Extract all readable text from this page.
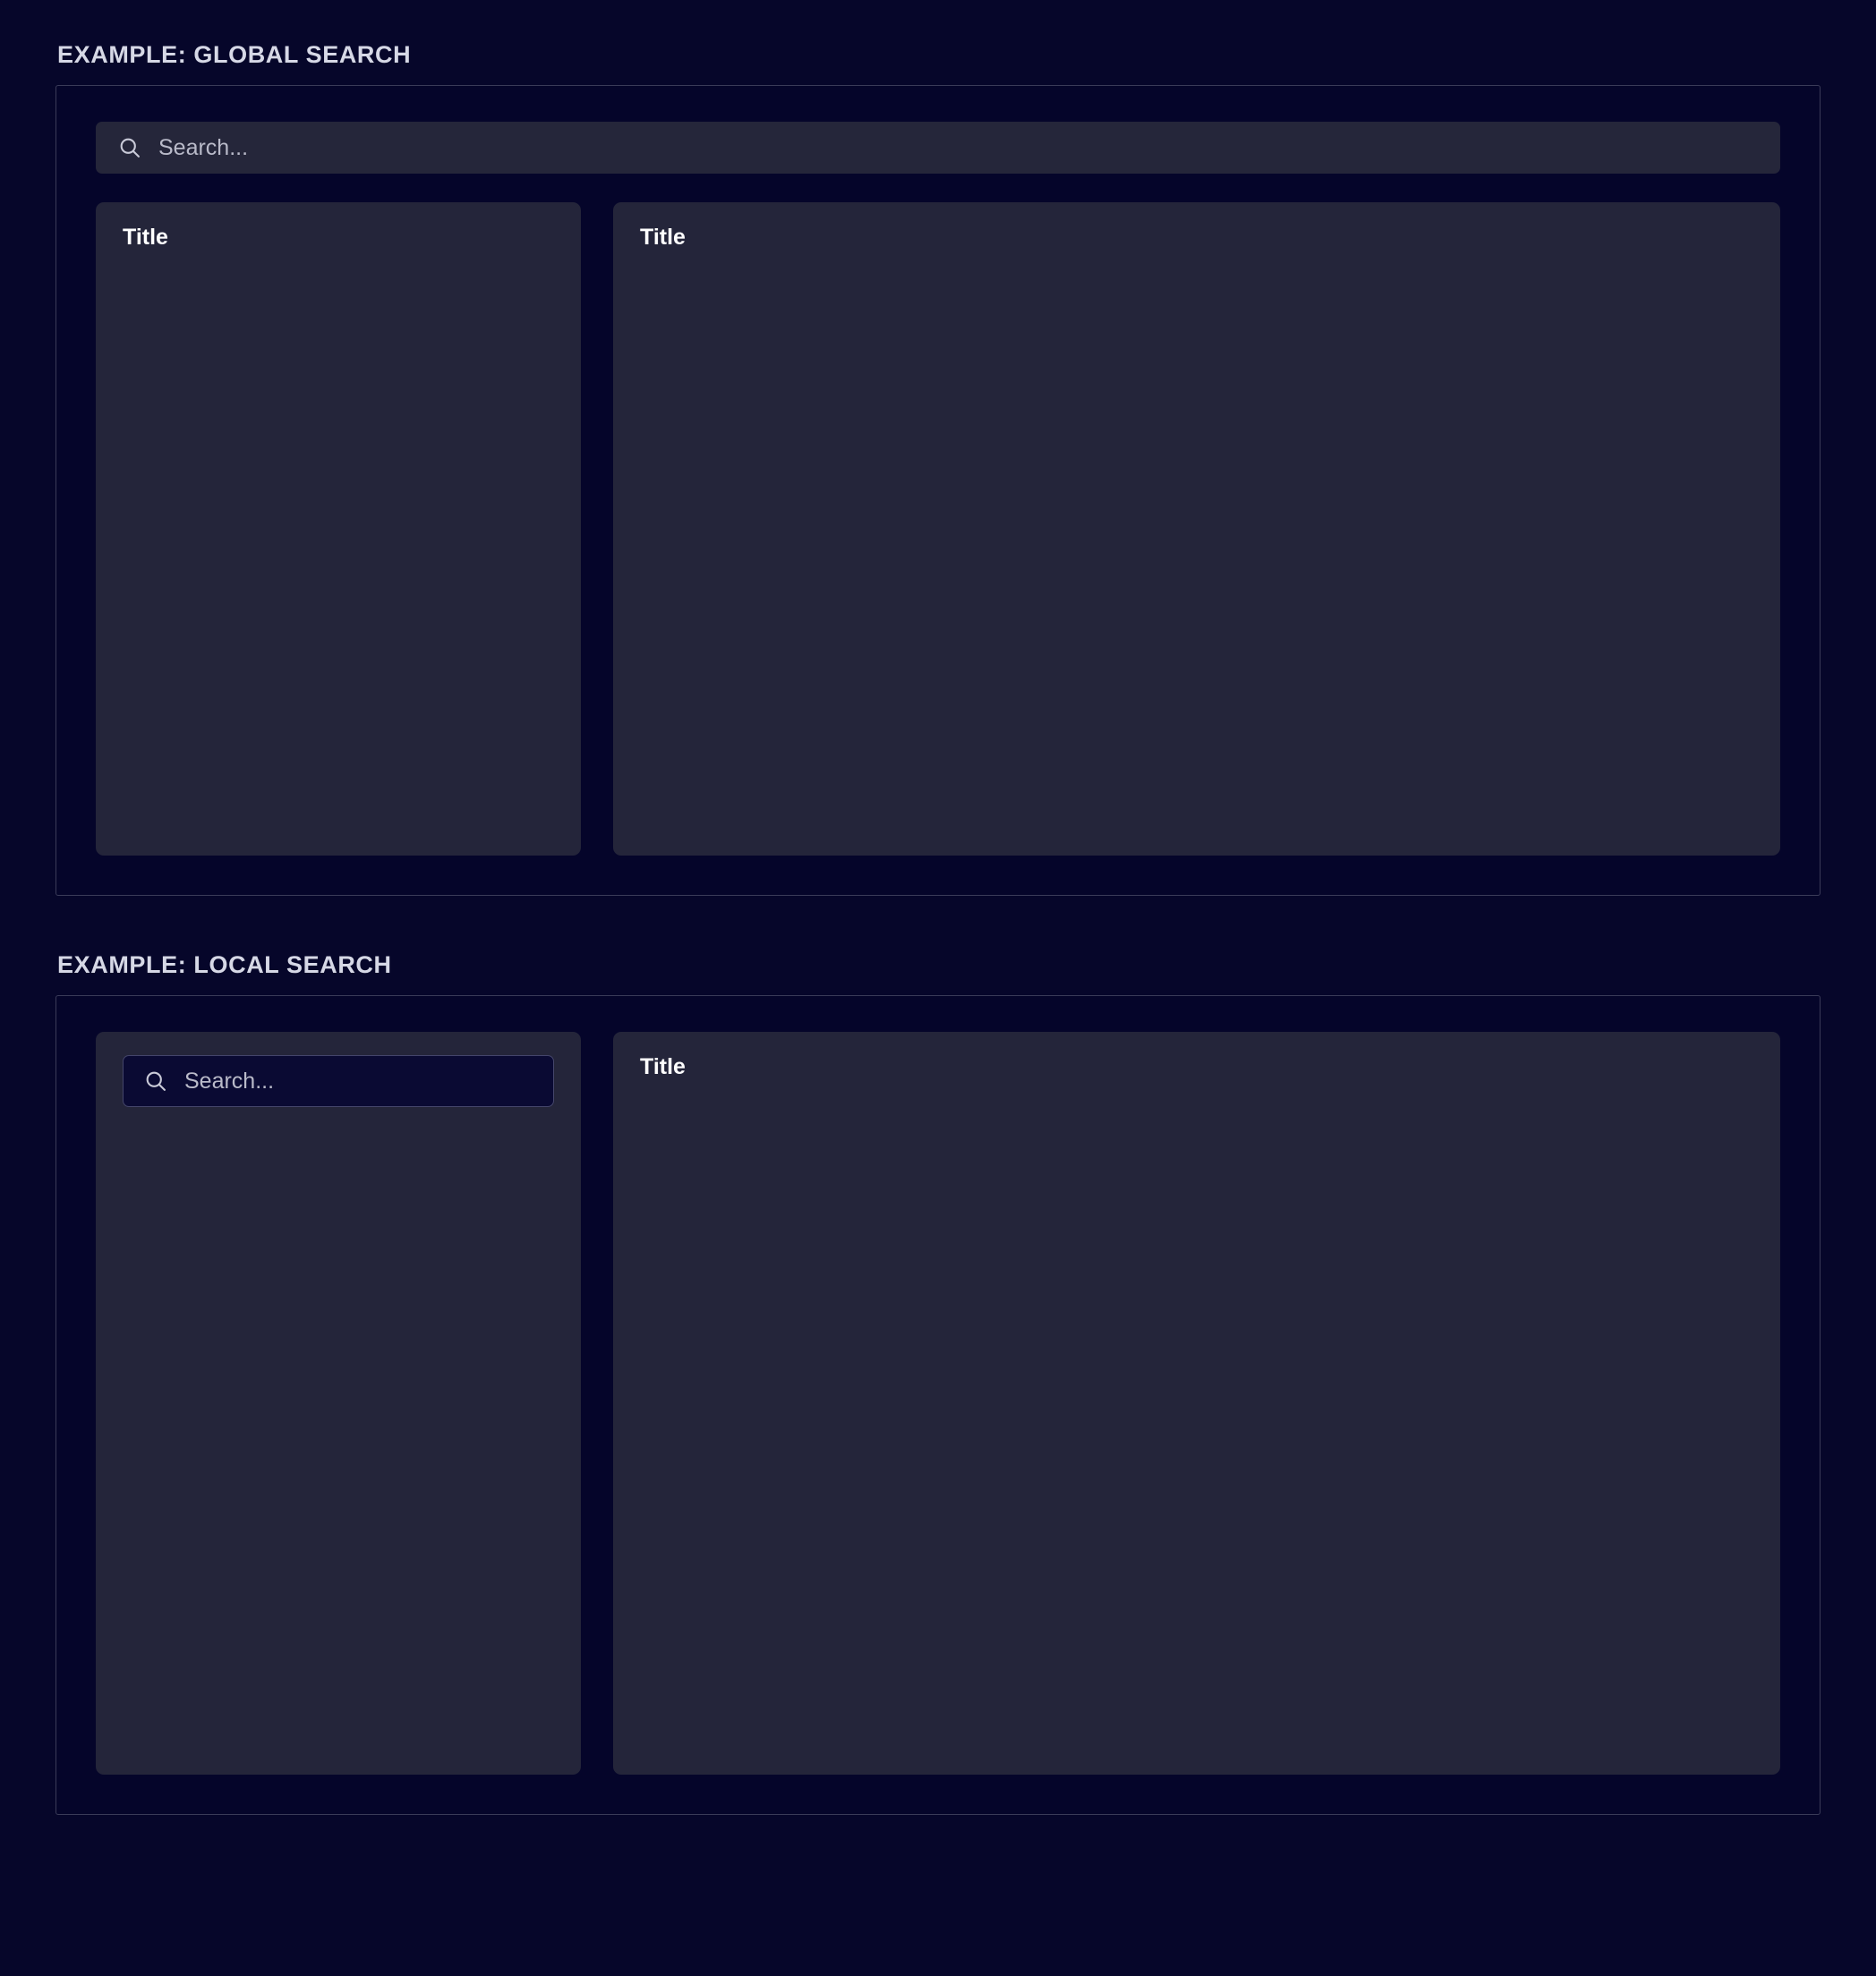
EXAMPLE: GLOBAL SEARCH
Search...
Title	Title
EXAMPLE: LOCAL SEARCH
Search...
Title
